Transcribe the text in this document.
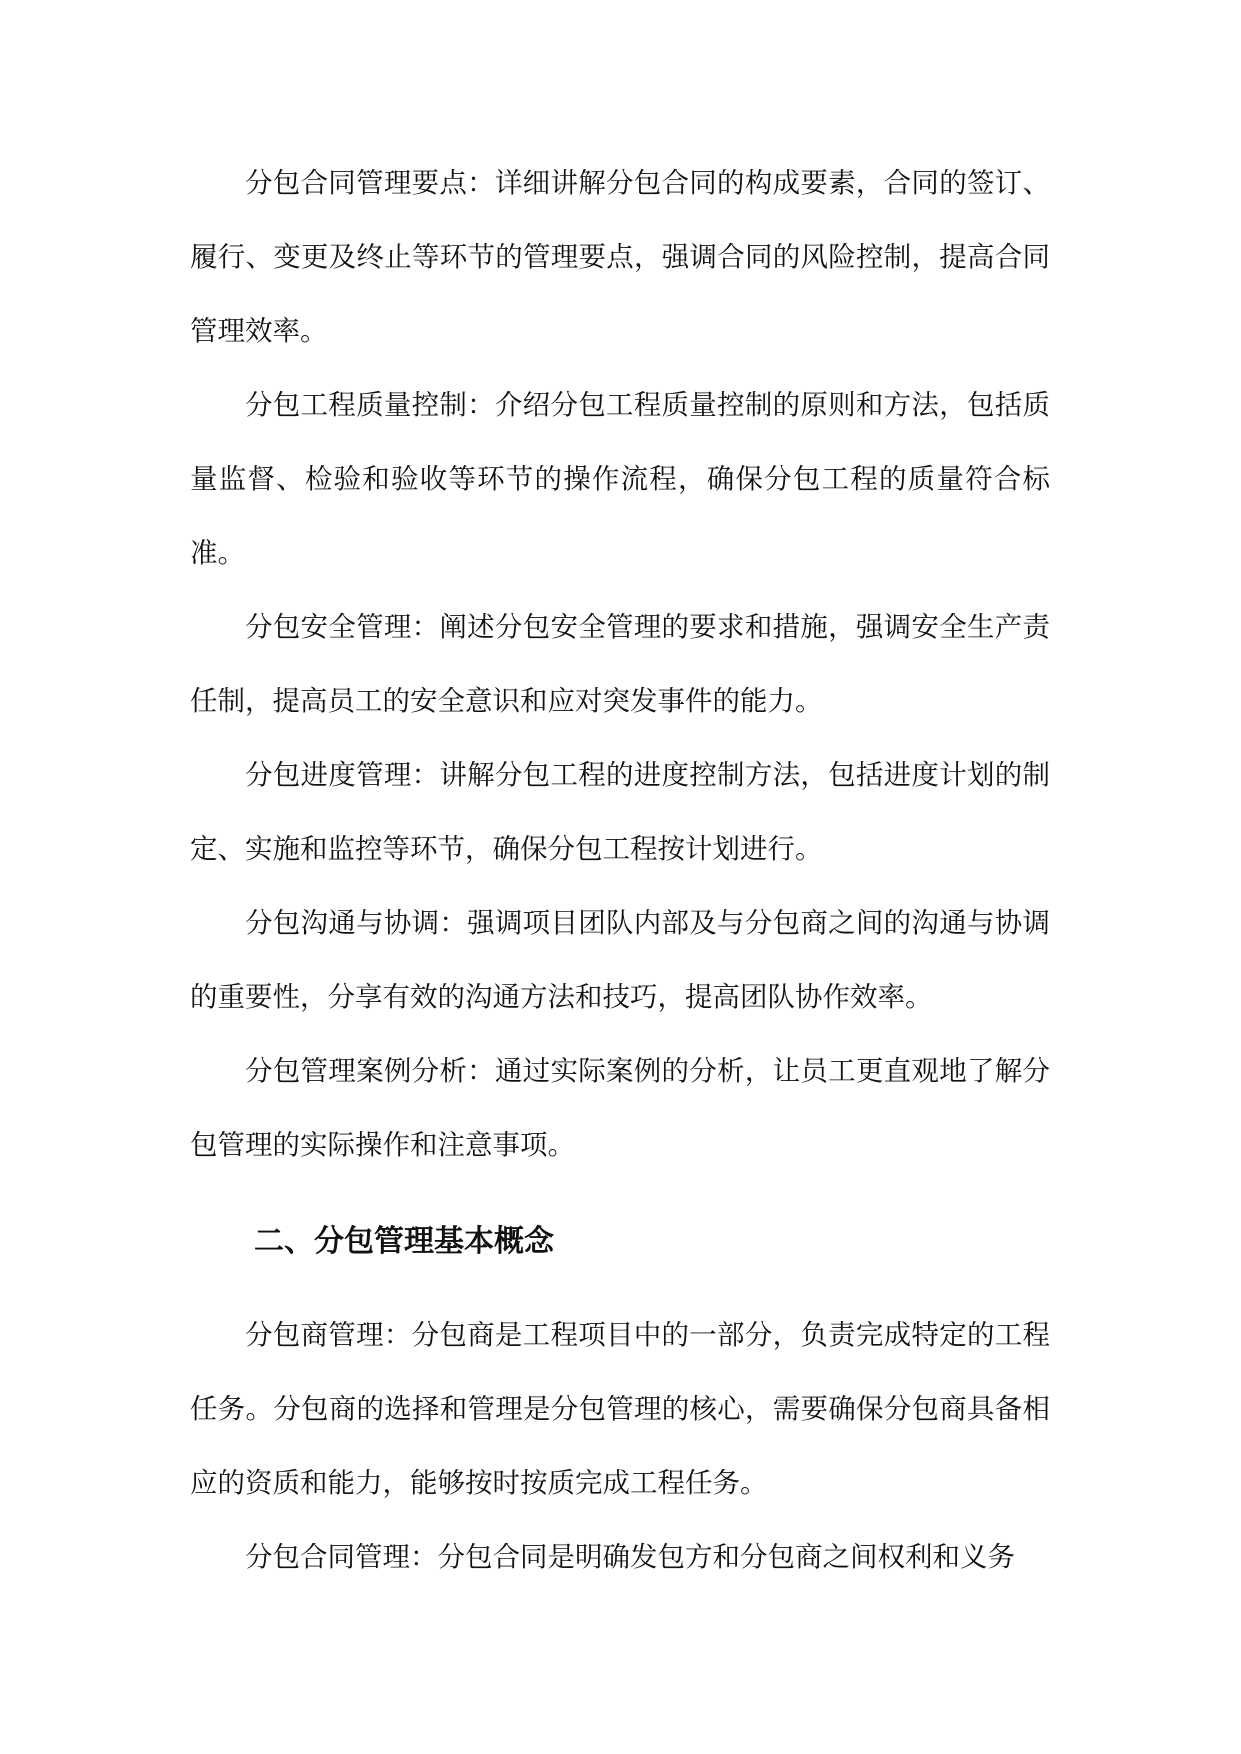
分包合同管理要点：详细讲解分包合同的构成要素，合同的签订、履行、变更及终止等环节的管理要点，强调合同的风险控制，提高合同管理效率。

分包工程质量控制：介绍分包工程质量控制的原则和方法，包括质量监督、检验和验收等环节的操作流程，确保分包工程的质量符合标准。

分包安全管理：阐述分包安全管理的要求和措施，强调安全生产责任制，提高员工的安全意识和应对突发事件的能力。

分包进度管理：讲解分包工程的进度控制方法，包括进度计划的制定、实施和监控等环节，确保分包工程按计划进行。

分包沟通与协调：强调项目团队内部及与分包商之间的沟通与协调的重要性，分享有效的沟通方法和技巧，提高团队协作效率。

分包管理案例分析：通过实际案例的分析，让员工更直观地了解分包管理的实际操作和注意事项。

二、分包管理基本概念

分包商管理：分包商是工程项目中的一部分，负责完成特定的工程任务。分包商的选择和管理是分包管理的核心，需要确保分包商具备相应的资质和能力，能够按时按质完成工程任务。

分包合同管理：分包合同是明确发包方和分包商之间权利和义务
